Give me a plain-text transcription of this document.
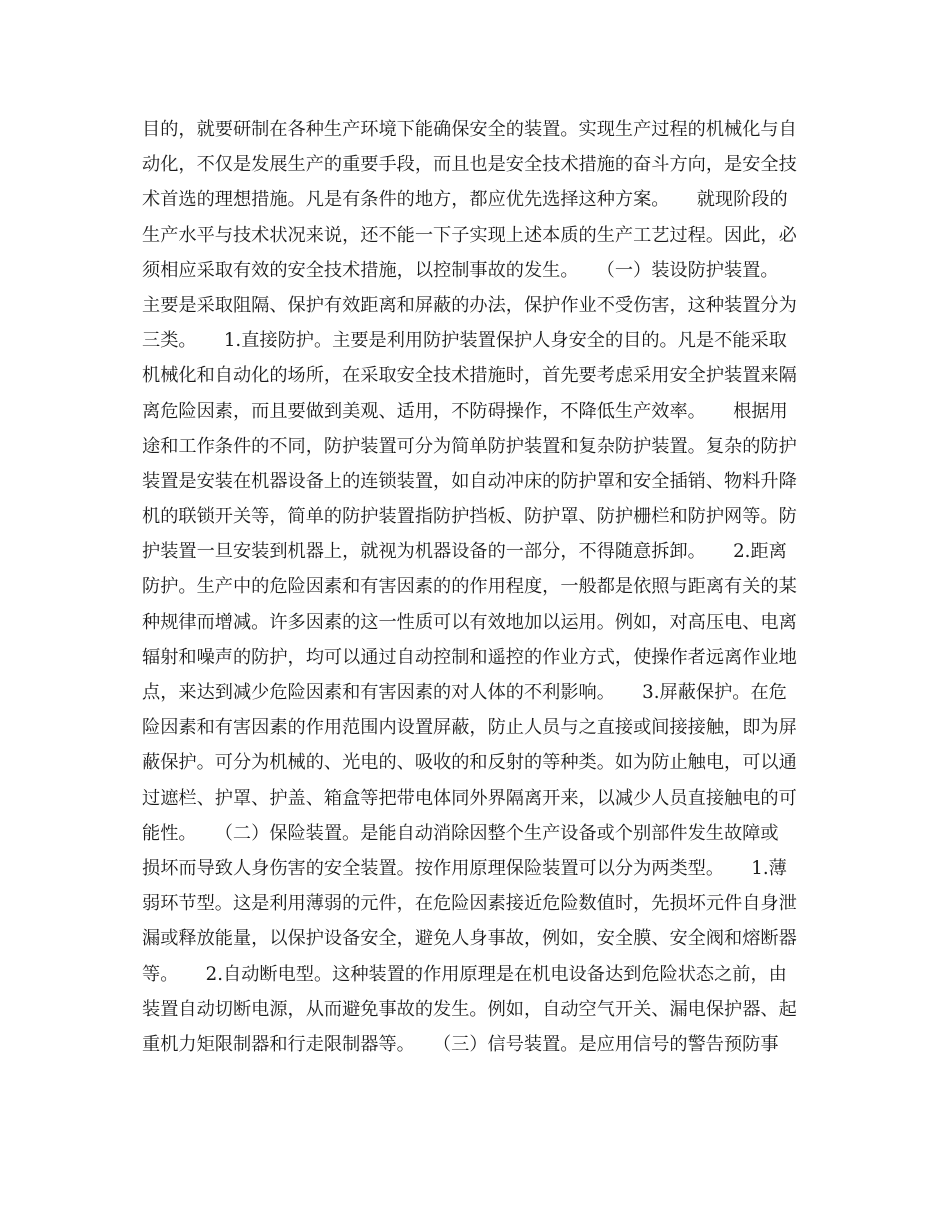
目的，就要研制在各种生产环境下能确保安全的装置。实现生产过程的机械化与自
动化，不仅是发展生产的重要手段，而且也是安全技术措施的奋斗方向，是安全技
术首选的理想措施。凡是有条件的地方，都应优先选择这种方案。　　就现阶段的
生产水平与技术状况来说，还不能一下子实现上述本质的生产工艺过程。因此，必
须相应采取有效的安全技术措施，以控制事故的发生。　　（一）装设防护装置。
主要是采取阻隔、保护有效距离和屏蔽的办法，保护作业不受伤害，这种装置分为
三类。　　1.直接防护。主要是利用防护装置保护人身安全的目的。凡是不能采取
机械化和自动化的场所，在采取安全技术措施时，首先要考虑采用安全护装置来隔
离危险因素，而且要做到美观、适用，不防碍操作，不降低生产效率。　　根据用
途和工作条件的不同，防护装置可分为简单防护装置和复杂防护装置。复杂的防护
装置是安装在机器设备上的连锁装置，如自动冲床的防护罩和安全插销、物料升降
机的联锁开关等，简单的防护装置指防护挡板、防护罩、防护栅栏和防护网等。防
护装置一旦安装到机器上，就视为机器设备的一部分，不得随意拆卸。　　2.距离
防护。生产中的危险因素和有害因素的的作用程度，一般都是依照与距离有关的某
种规律而增减。许多因素的这一性质可以有效地加以运用。例如，对高压电、电离
辐射和噪声的防护，均可以通过自动控制和遥控的作业方式，使操作者远离作业地
点，来达到减少危险因素和有害因素的对人体的不利影响。　　3.屏蔽保护。在危
险因素和有害因素的作用范围内设置屏蔽，防止人员与之直接或间接接触，即为屏
蔽保护。可分为机械的、光电的、吸收的和反射的等种类。如为防止触电，可以通
过遮栏、护罩、护盖、箱盒等把带电体同外界隔离开来，以减少人员直接触电的可
能性。　　（二）保险装置。是能自动消除因整个生产设备或个别部件发生故障或
损坏而导致人身伤害的安全装置。按作用原理保险装置可以分为两类型。　　1.薄
弱环节型。这是利用薄弱的元件，在危险因素接近危险数值时，先损坏元件自身泄
漏或释放能量，以保护设备安全，避免人身事故，例如，安全膜、安全阀和熔断器
等。　　2.自动断电型。这种装置的作用原理是在机电设备达到危险状态之前，由
装置自动切断电源，从而避免事故的发生。例如，自动空气开关、漏电保护器、起
重机力矩限制器和行走限制器等。　　（三）信号装置。是应用信号的警告预防事
